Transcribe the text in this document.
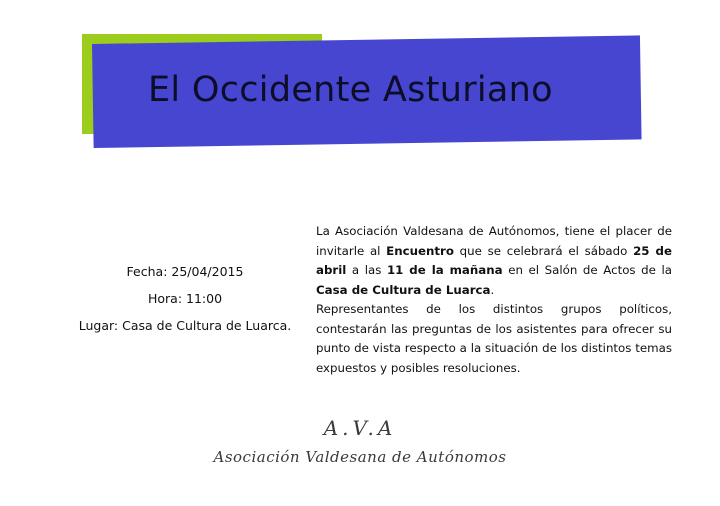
El Occidente Asturiano
Fecha: 25/04/2015
Hora: 11:00
Lugar: Casa de Cultura de Luarca.

La Asociación Valdesana de Autónomos, tiene el placer de invitarle al Encuentro que se celebrará el sábado 25 de abril a las 11 de la mañana en el Salón de Actos de la Casa de Cultura de Luarca.

Representantes de los distintos grupos políticos, contestarán las preguntas de los asistentes para ofrecer su punto de vista respecto a la situación de los distintos temas expuestos y posibles resoluciones.

A.V.A
Asociación Valdesana de Autónomos
